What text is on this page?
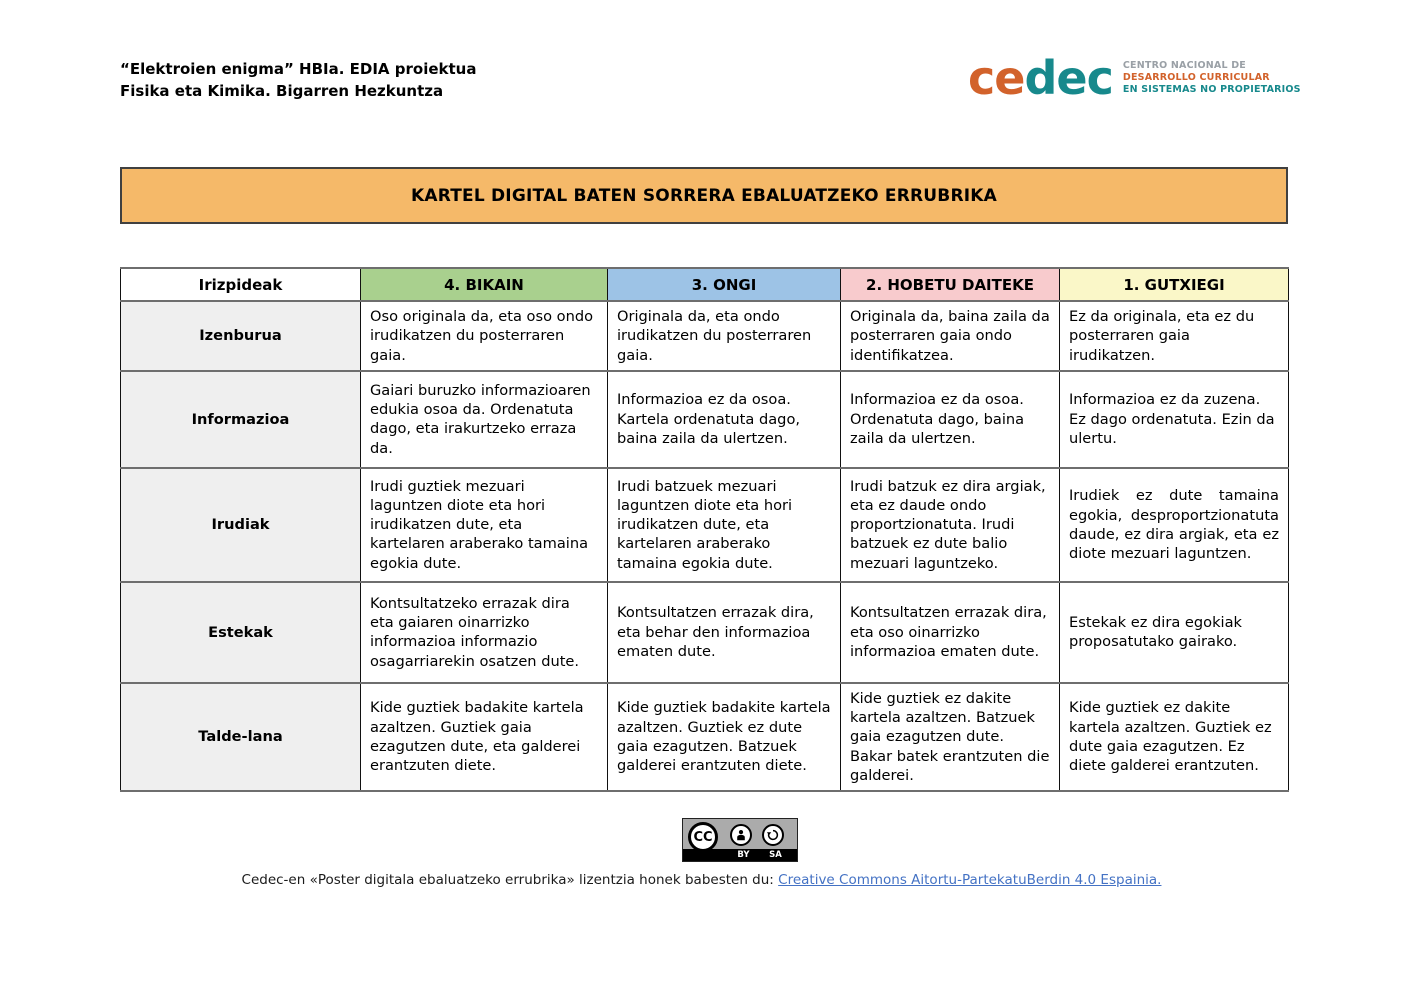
“Elektroien enigma” HBIa. EDIA proiektua
Fisika eta Kimika. Bigarren Hezkuntza	cedec CENTRO NACIONAL DE
DESARROLLO CURRICULAR
EN SISTEMAS NO PROPIETARIOS
KARTEL DIGITAL BATEN SORRERA EBALUATZEKO ERRUBRIKA
Irizpideak	4. BIKAIN	3. ONGI	2. HOBETU DAITEKE	1. GUTXIEGI
Izenburua	Oso originala da, eta oso ondo irudikatzen du posterraren gaia.	Originala da, eta ondo irudikatzen du posterraren gaia.	Originala da, baina zaila da posterraren gaia ondo identifikatzea.	Ez da originala, eta ez du posterraren gaia irudikatzen.
Informazioa	Gaiari buruzko informazioaren edukia osoa da. Ordenatuta dago, eta irakurtzeko erraza da.	Informazioa ez da osoa. Kartela ordenatuta dago, baina zaila da ulertzen.	Informazioa ez da osoa. Ordenatuta dago, baina zaila da ulertzen.	Informazioa ez da zuzena. Ez dago ordenatuta. Ezin da ulertu.
Irudiak	Irudi guztiek mezuari laguntzen diote eta hori irudikatzen dute, eta kartelaren araberako tamaina egokia dute.	Irudi batzuek mezuari laguntzen diote eta hori irudikatzen dute, eta kartelaren araberako tamaina egokia dute.	Irudi batzuk ez dira argiak, eta ez daude ondo proportzionatuta. Irudi batzuek ez dute balio mezuari laguntzeko.	Irudiek ez dute tamaina egokia, desproportzionatuta daude, ez dira argiak, eta ez diote mezuari laguntzen.
Estekak	Kontsultatzeko errazak dira eta gaiaren oinarrizko informazioa informazio osagarriarekin osatzen dute.	Kontsultatzen errazak dira, eta behar den informazioa ematen dute.	Kontsultatzen errazak dira, eta oso oinarrizko informazioa ematen dute.	Estekak ez dira egokiak proposatutako gairako.
Talde-lana	Kide guztiek badakite kartela azaltzen. Guztiek gaia ezagutzen dute, eta galderei erantzuten diete.	Kide guztiek badakite kartela azaltzen. Guztiek ez dute gaia ezagutzen. Batzuek galderei erantzuten diete.	Kide guztiek ez dakite kartela azaltzen. Batzuek gaia ezagutzen dute. Bakar batek erantzuten die galderei.	Kide guztiek ez dakite kartela azaltzen. Guztiek ez dute gaia ezagutzen. Ez diete galderei erantzuten.
CC
BY	SA
Cedec-en «Poster digitala ebaluatzeko errubrika» lizentzia honek babesten du: Creative Commons Aitortu-PartekatuBerdin 4.0 Espainia.
